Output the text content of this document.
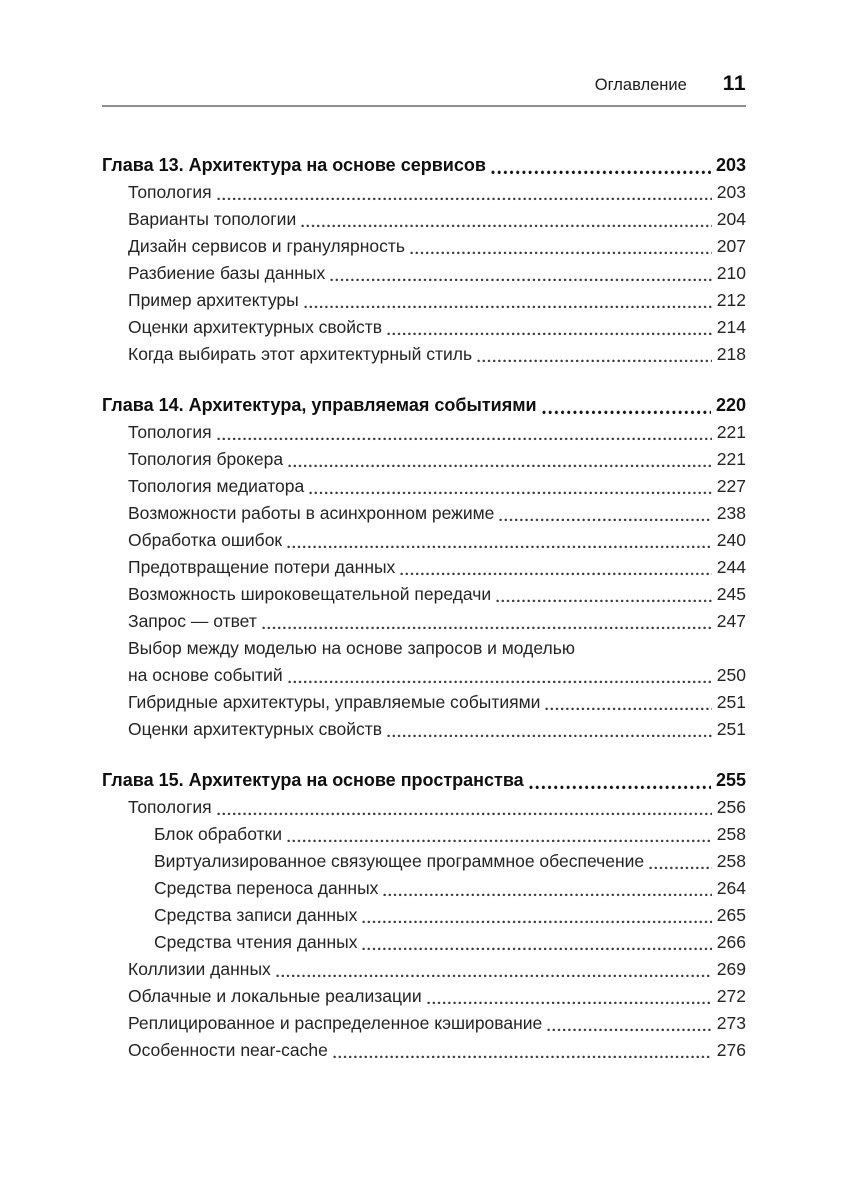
Оглавление 11
Глава 13. Архитектура на основе сервисов	203
Топология	203
Варианты топологии	204
Дизайн сервисов и гранулярность	207
Разбиение базы данных	210
Пример архитектуры	212
Оценки архитектурных свойств	214
Когда выбирать этот архитектурный стиль	218
Глава 14. Архитектура, управляемая событиями	220
Топология	221
Топология брокера	221
Топология медиатора	227
Возможности работы в асинхронном режиме	238
Обработка ошибок	240
Предотвращение потери данных	244
Возможность широковещательной передачи	245
Запрос — ответ	247
Выбор между моделью на основе запросов и моделью
на основе событий	250
Гибридные архитектуры, управляемые событиями	251
Оценки архитектурных свойств	251
Глава 15. Архитектура на основе пространства	255
Топология	256
Блок обработки	258
Виртуализированное связующее программное обеспечение	258
Средства переноса данных	264
Средства записи данных	265
Средства чтения данных	266
Коллизии данных	269
Облачные и локальные реализации	272
Реплицированное и распределенное кэширование	273
Особенности near-cache	276
